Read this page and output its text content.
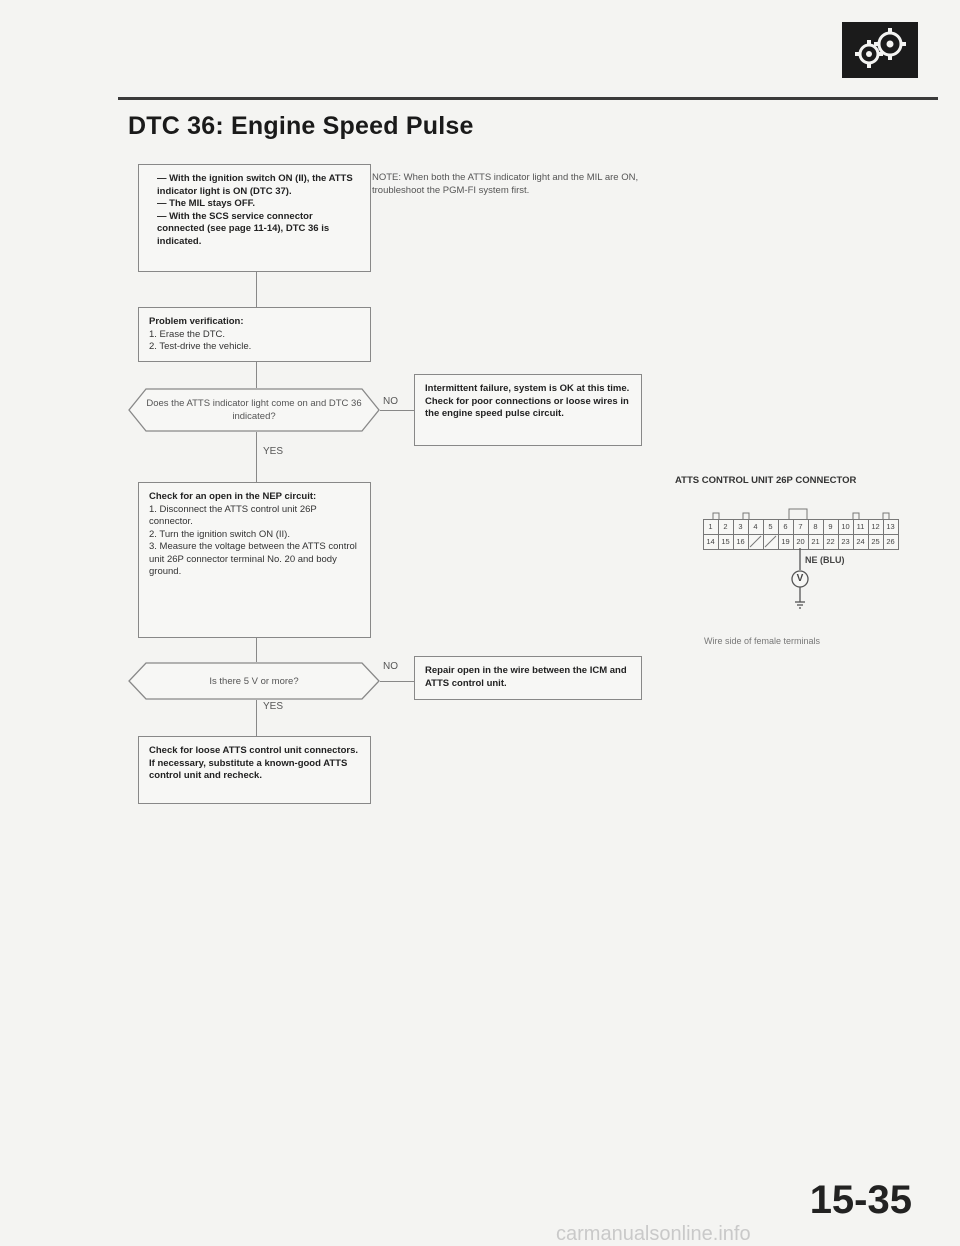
DTC 36: Engine Speed Pulse
NOTE: When both the ATTS indicator light and the MIL are ON, troubleshoot the PGM-FI system first.
— With the ignition switch ON (II), the ATTS indicator light is ON (DTC 37).
— The MIL stays OFF.
— With the SCS service connector connected (see page 11-14), DTC 36 is indicated.
Problem verification:
1. Erase the DTC.
2. Test-drive the vehicle.
Does the ATTS indicator light come on and DTC 36 indicated?
NO
Intermittent failure, system is OK at this time. Check for poor connections or loose wires in the engine speed pulse circuit.
YES
Check for an open in the NEP circuit:
1. Disconnect the ATTS control unit 26P connector.
2. Turn the ignition switch ON (II).
3. Measure the voltage between the ATTS control unit 26P connector terminal No. 20 and body ground.
Is there 5 V or more?
NO	Repair open in the wire between the ICM and ATTS control unit.
YES
Check for loose ATTS control unit connectors. If necessary, substitute a known-good ATTS control unit and recheck.
ATTS CONTROL UNIT 26P CONNECTOR
1	2	3	4	5	6	7	8	9	10 11 12 13
14 15 16	19 20 21 22 23 24 25 26
V
NE (BLU)
Wire side of female terminals
15-35
carmanualsonline.info
